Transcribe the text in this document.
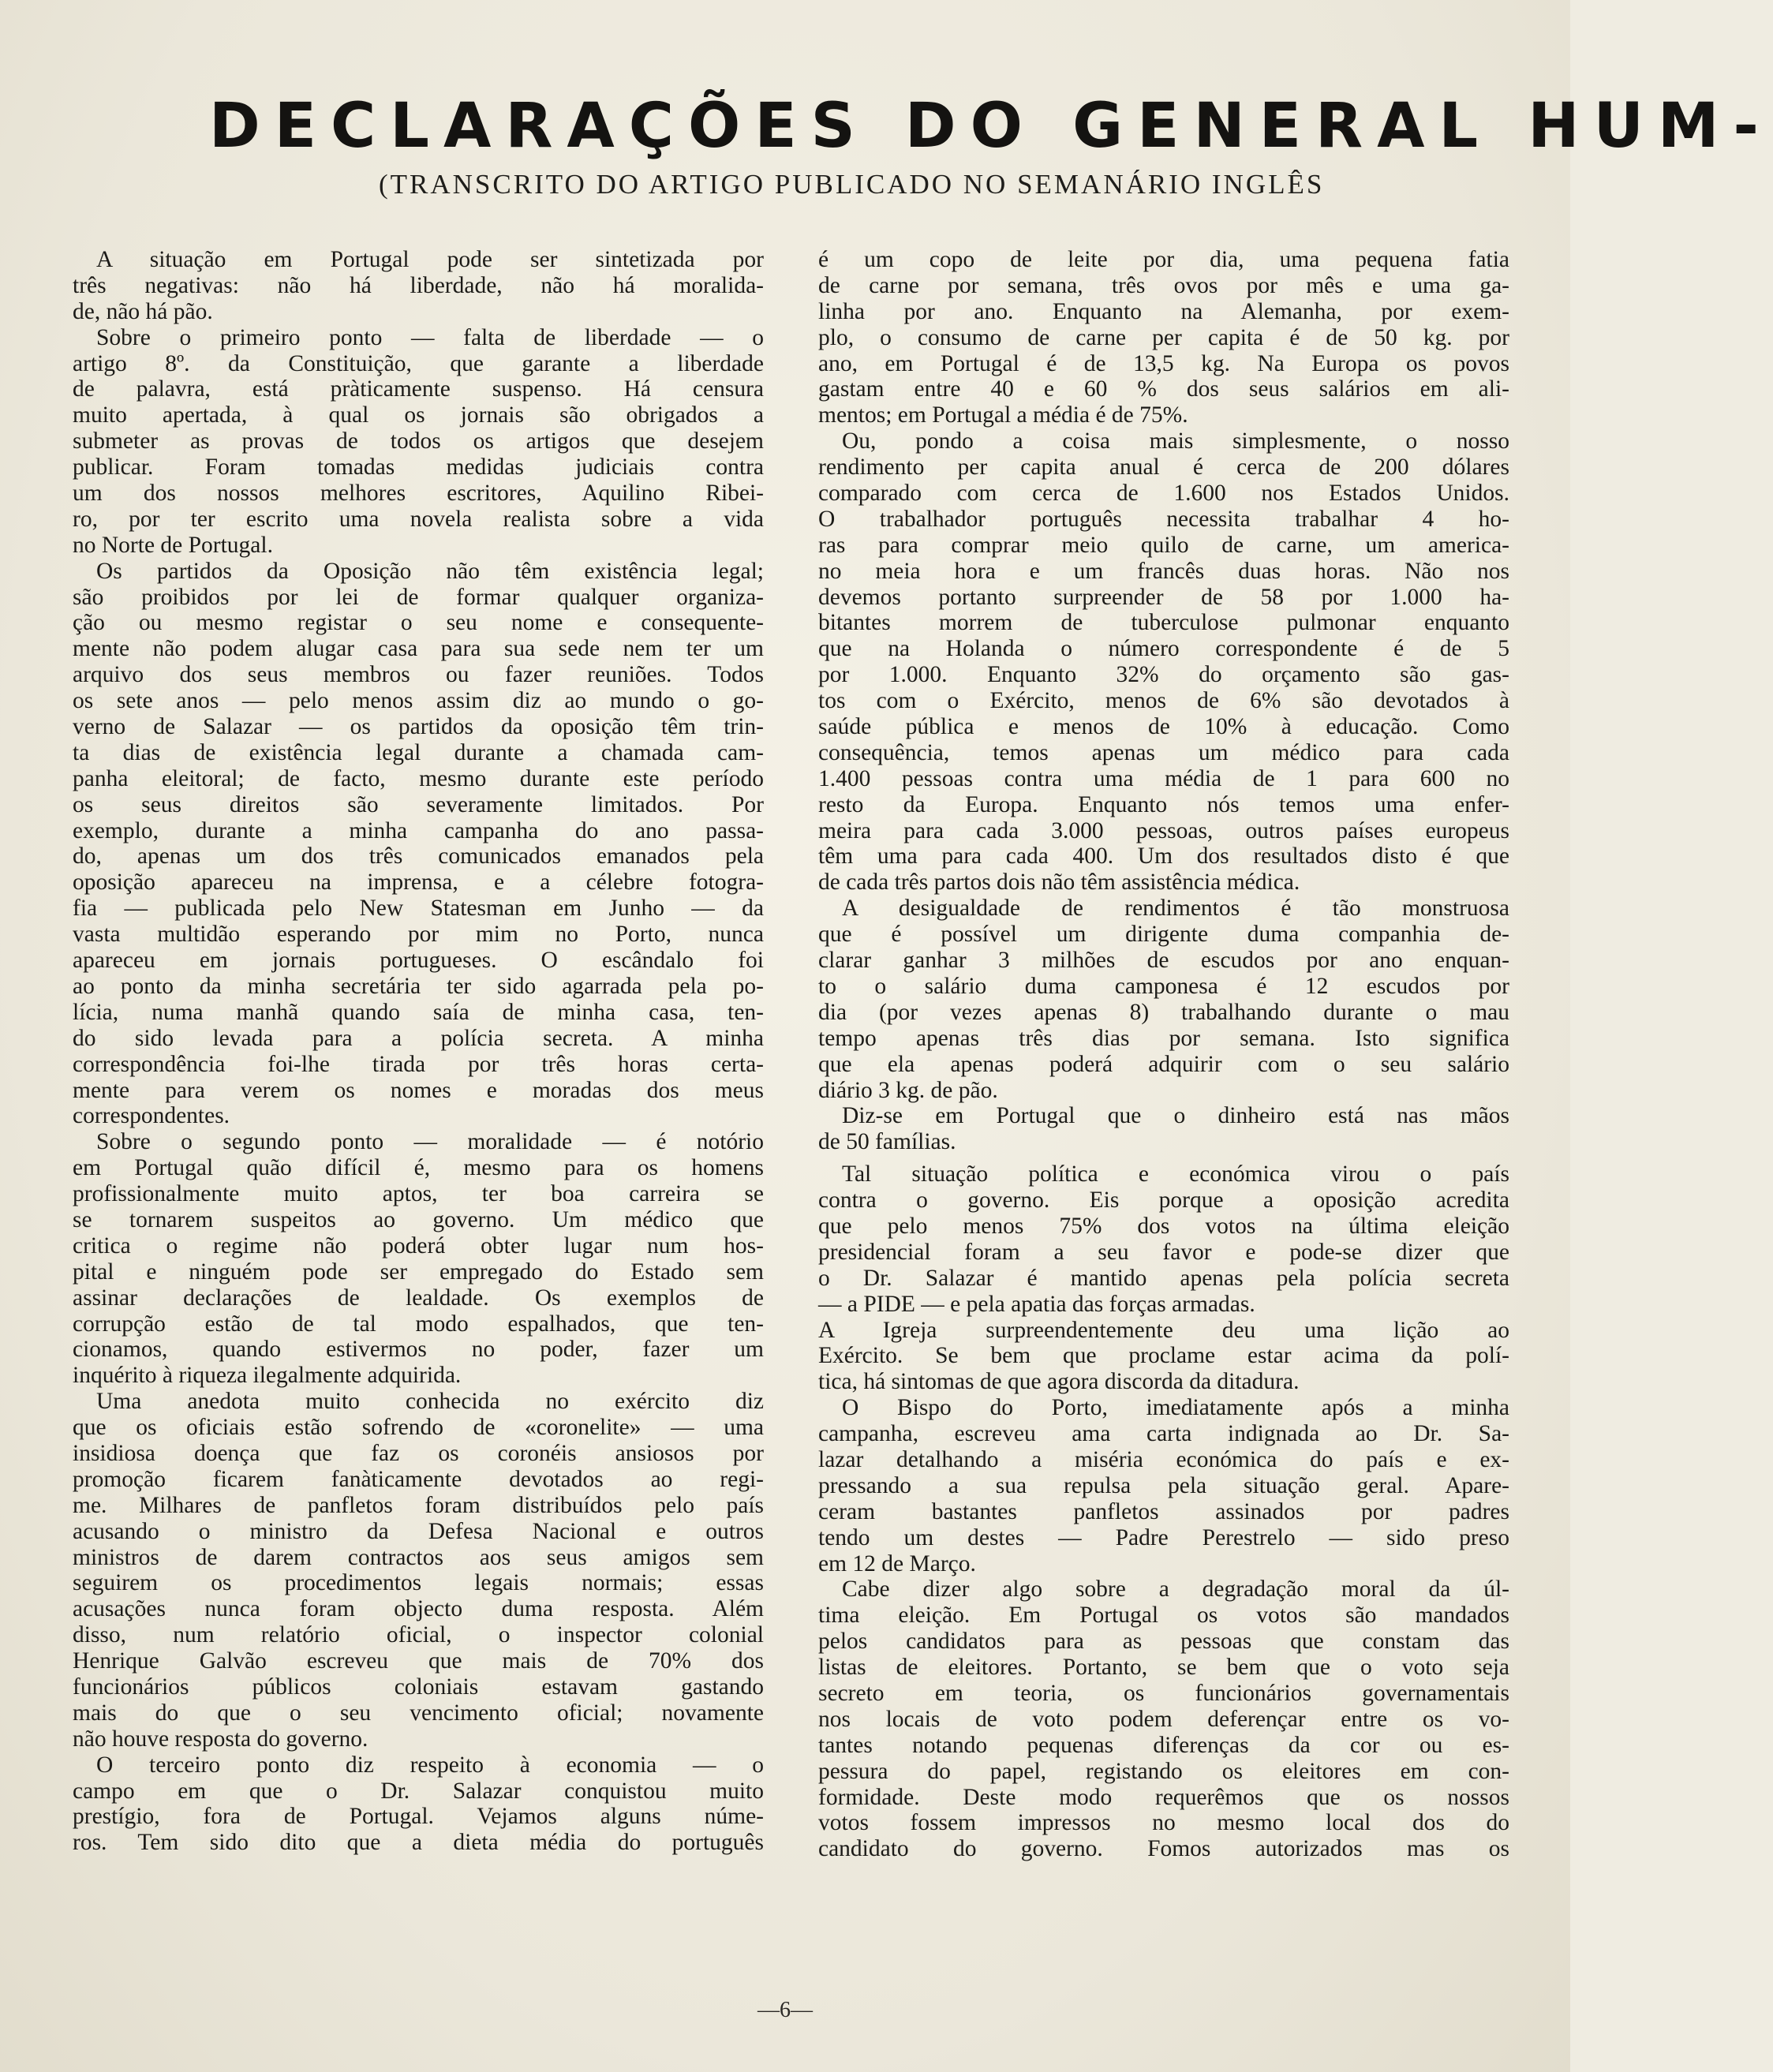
DECLARAÇÕES DO GENERAL HUM-
(TRANSCRITO DO ARTIGO PUBLICADO NO SEMANÁRIO INGLÊS
A situação em Portugal pode ser sintetizada por
três negativas: não há liberdade, não há moralida-
de, não há pão.
Sobre o primeiro ponto — falta de liberdade — o
artigo 8º. da Constituição, que garante a liberdade
de palavra, está pràticamente suspenso. Há censura
muito apertada, à qual os jornais são obrigados a
submeter as provas de todos os artigos que desejem
publicar. Foram tomadas medidas judiciais contra
um dos nossos melhores escritores, Aquilino Ribei-
ro, por ter escrito uma novela realista sobre a vida
no Norte de Portugal.
Os partidos da Oposição não têm existência legal;
são proibidos por lei de formar qualquer organiza-
ção ou mesmo registar o seu nome e consequente-
mente não podem alugar casa para sua sede nem ter um
arquivo dos seus membros ou fazer reuniões. Todos
os sete anos — pelo menos assim diz ao mundo o go-
verno de Salazar — os partidos da oposição têm trin-
ta dias de existência legal durante a chamada cam-
panha eleitoral; de facto, mesmo durante este período
os seus direitos são severamente limitados. Por
exemplo, durante a minha campanha do ano passa-
do, apenas um dos três comunicados emanados pela
oposição apareceu na imprensa, e a célebre fotogra-
fia — publicada pelo New Statesman em Junho — da
vasta multidão esperando por mim no Porto, nunca
apareceu em jornais portugueses. O escândalo foi
ao ponto da minha secretária ter sido agarrada pela po-
lícia, numa manhã quando saía de minha casa, ten-
do sido levada para a polícia secreta. A minha
correspondência foi-lhe tirada por três horas certa-
mente para verem os nomes e moradas dos meus
correspondentes.
Sobre o segundo ponto — moralidade — é notório
em Portugal quão difícil é, mesmo para os homens
profissionalmente muito aptos, ter boa carreira se
se tornarem suspeitos ao governo. Um médico que
critica o regime não poderá obter lugar num hos-
pital e ninguém pode ser empregado do Estado sem
assinar declarações de lealdade. Os exemplos de
corrupção estão de tal modo espalhados, que ten-
cionamos, quando estivermos no poder, fazer um
inquérito à riqueza ilegalmente adquirida.
Uma anedota muito conhecida no exército diz
que os oficiais estão sofrendo de «coronelite» — uma
insidiosa doença que faz os coronéis ansiosos por
promoção ficarem fanàticamente devotados ao regi-
me. Milhares de panfletos foram distribuídos pelo país
acusando o ministro da Defesa Nacional e outros
ministros de darem contractos aos seus amigos sem
seguirem os procedimentos legais normais; essas
acusações nunca foram objecto duma resposta. Além
disso, num relatório oficial, o inspector colonial
Henrique Galvão escreveu que mais de 70% dos
funcionários públicos coloniais estavam gastando
mais do que o seu vencimento oficial; novamente
não houve resposta do governo.
O terceiro ponto diz respeito à economia — o
campo em que o Dr. Salazar conquistou muito
prestígio, fora de Portugal. Vejamos alguns núme-
ros. Tem sido dito que a dieta média do português
é um copo de leite por dia, uma pequena fatia
de carne por semana, três ovos por mês e uma ga-
linha por ano. Enquanto na Alemanha, por exem-
plo, o consumo de carne per capita é de 50 kg. por
ano, em Portugal é de 13,5 kg. Na Europa os povos
gastam entre 40 e 60 % dos seus salários em ali-
mentos; em Portugal a média é de 75%.
Ou, pondo a coisa mais simplesmente, o nosso
rendimento per capita anual é cerca de 200 dólares
comparado com cerca de 1.600 nos Estados Unidos.
O trabalhador português necessita trabalhar 4 ho-
ras para comprar meio quilo de carne, um america-
no meia hora e um francês duas horas. Não nos
devemos portanto surpreender de 58 por 1.000 ha-
bitantes morrem de tuberculose pulmonar enquanto
que na Holanda o número correspondente é de 5
por 1.000. Enquanto 32% do orçamento são gas-
tos com o Exército, menos de 6% são devotados à
saúde pública e menos de 10% à educação. Como
consequência, temos apenas um médico para cada
1.400 pessoas contra uma média de 1 para 600 no
resto da Europa. Enquanto nós temos uma enfer-
meira para cada 3.000 pessoas, outros países europeus
têm uma para cada 400. Um dos resultados disto é que
de cada três partos dois não têm assistência médica.
A desigualdade de rendimentos é tão monstruosa
que é possível um dirigente duma companhia de-
clarar ganhar 3 milhões de escudos por ano enquan-
to o salário duma camponesa é 12 escudos por
dia (por vezes apenas 8) trabalhando durante o mau
tempo apenas três dias por semana. Isto significa
que ela apenas poderá adquirir com o seu salário
diário 3 kg. de pão.
Diz-se em Portugal que o dinheiro está nas mãos
de 50 famílias.
Tal situação política e económica virou o país
contra o governo. Eis porque a oposição acredita
que pelo menos 75% dos votos na última eleição
presidencial foram a seu favor e pode-se dizer que
o Dr. Salazar é mantido apenas pela polícia secreta
— a PIDE — e pela apatia das forças armadas.
A Igreja surpreendentemente deu uma lição ao
Exército. Se bem que proclame estar acima da polí-
tica, há sintomas de que agora discorda da ditadura.
O Bispo do Porto, imediatamente após a minha
campanha, escreveu ama carta indignada ao Dr. Sa-
lazar detalhando a miséria económica do país e ex-
pressando a sua repulsa pela situação geral. Apare-
ceram bastantes panfletos assinados por padres
tendo um destes — Padre Perestrelo — sido preso
em 12 de Março.
Cabe dizer algo sobre a degradação moral da úl-
tima eleição. Em Portugal os votos são mandados
pelos candidatos para as pessoas que constam das
listas de eleitores. Portanto, se bem que o voto seja
secreto em teoria, os funcionários governamentais
nos locais de voto podem deferençar entre os vo-
tantes notando pequenas diferenças da cor ou es-
pessura do papel, registando os eleitores em con-
formidade. Deste modo requerêmos que os nossos
votos fossem impressos no mesmo local dos do
candidato do governo. Fomos autorizados mas os
—6—
